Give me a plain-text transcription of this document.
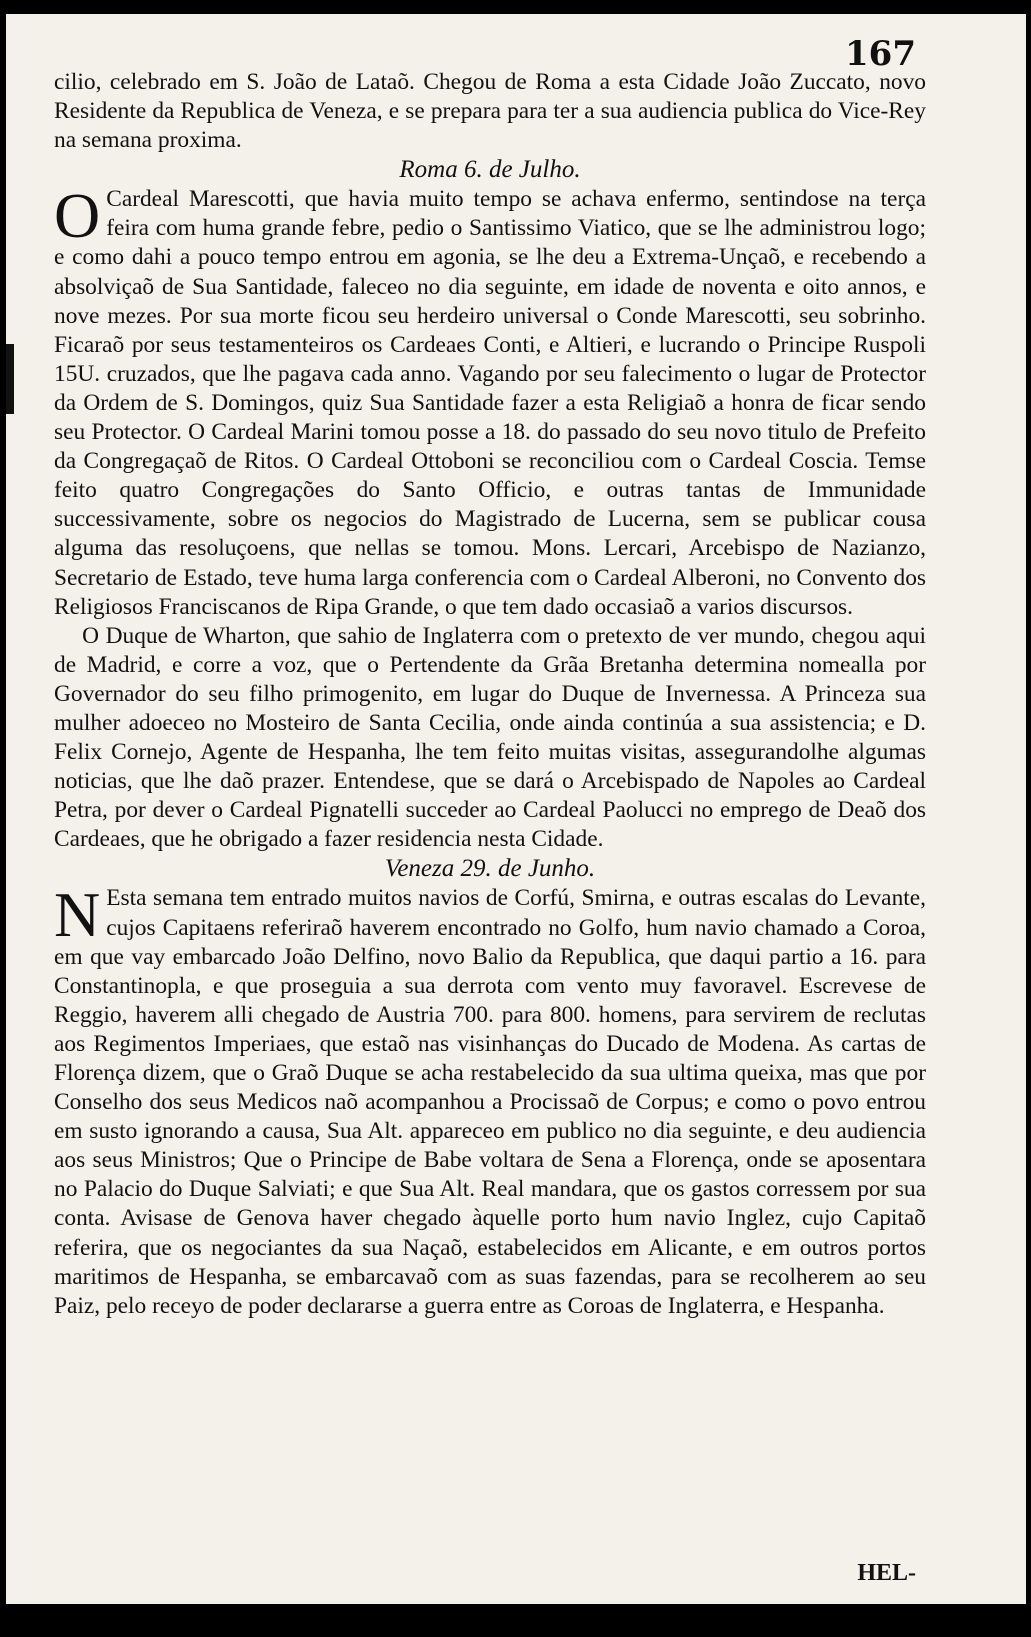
167

cilio, celebrado em S. João de Lataõ. Chegou de Roma a esta Cidade João Zuccato, novo Residente da Republica de Veneza, e se prepara para ter a sua audiencia publica do Vice-Rey na semana proxima.

Roma 6. de Julho.

O Cardeal Marescotti, que havia muito tempo se achava enfermo, sentindose na terça feira com huma grande febre, pedio o Santissimo Viatico, que se lhe administrou logo; e como dahi a pouco tempo entrou em agonia, se lhe deu a Extrema-Unçaõ, e recebendo a absolviçaõ de Sua Santidade, faleceo no dia seguinte, em idade de noventa e oito annos, e nove mezes. Por sua morte ficou seu herdeiro universal o Conde Marescotti, seu sobrinho. Ficaraõ por seus testamenteiros os Cardeaes Conti, e Altieri, e lucrando o Principe Ruspoli 15U. cruzados, que lhe pagava cada anno. Vagando por seu falecimento o lugar de Protector da Ordem de S. Domingos, quiz Sua Santidade fazer a esta Religiaõ a honra de ficar sendo seu Protector. O Cardeal Marini tomou posse a 18. do passado do seu novo titulo de Prefeito da Congregaçaõ de Ritos. O Cardeal Ottoboni se reconciliou com o Cardeal Coscia. Temse feito quatro Congregações do Santo Officio, e outras tantas de Immunidade successivamente, sobre os negocios do Magistrado de Lucerna, sem se publicar cousa alguma das resoluçoens, que nellas se tomou. Mons. Lercari, Arcebispo de Nazianzo, Secretario de Estado, teve huma larga conferencia com o Cardeal Alberoni, no Convento dos Religiosos Franciscanos de Ripa Grande, o que tem dado occasiaõ a varios discursos.

O Duque de Wharton, que sahio de Inglaterra com o pretexto de ver mundo, chegou aqui de Madrid, e corre a voz, que o Pertendente da Grãa Bretanha determina nomealla por Governador do seu filho primogenito, em lugar do Duque de Invernessa. A Princeza sua mulher adoeceo no Mosteiro de Santa Cecilia, onde ainda continúa a sua assistencia; e D. Felix Cornejo, Agente de Hespanha, lhe tem feito muitas visitas, assegurandolhe algumas noticias, que lhe daõ prazer. Entendese, que se dará o Arcebispado de Napoles ao Cardeal Petra, por dever o Cardeal Pignatelli succeder ao Cardeal Paolucci no emprego de Deaõ dos Cardeaes, que he obrigado a fazer residencia nesta Cidade.

Veneza 29. de Junho.

N Esta semana tem entrado muitos navios de Corfú, Smirna, e outras escalas do Levante, cujos Capitaens referiraõ haverem encontrado no Golfo, hum navio chamado a Coroa, em que vay embarcado João Delfino, novo Balio da Republica, que daqui partio a 16. para Constantinopla, e que proseguia a sua derrota com vento muy favoravel. Escrevese de Reggio, haverem alli chegado de Austria 700. para 800. homens, para servirem de reclutas aos Regimentos Imperiaes, que estaõ nas visinhanças do Ducado de Modena. As cartas de Florença dizem, que o Graõ Duque se acha restabelecido da sua ultima queixa, mas que por Conselho dos seus Medicos naõ acompanhou a Procissaõ de Corpus; e como o povo entrou em susto ignorando a causa, Sua Alt. appareceo em publico no dia seguinte, e deu audiencia aos seus Ministros; Que o Principe de Babe voltara de Sena a Florença, onde se aposentara no Palacio do Duque Salviati; e que Sua Alt. Real mandara, que os gastos corressem por sua conta. Avisase de Genova haver chegado àquelle porto hum navio Inglez, cujo Capitaõ referira, que os negociantes da sua Naçaõ, estabelecidos em Alicante, e em outros portos maritimos de Hespanha, se embarcavaõ com as suas fazendas, para se recolherem ao seu Paiz, pelo receyo de poder declararse a guerra entre as Coroas de Inglaterra, e Hespanha.

HEL-
